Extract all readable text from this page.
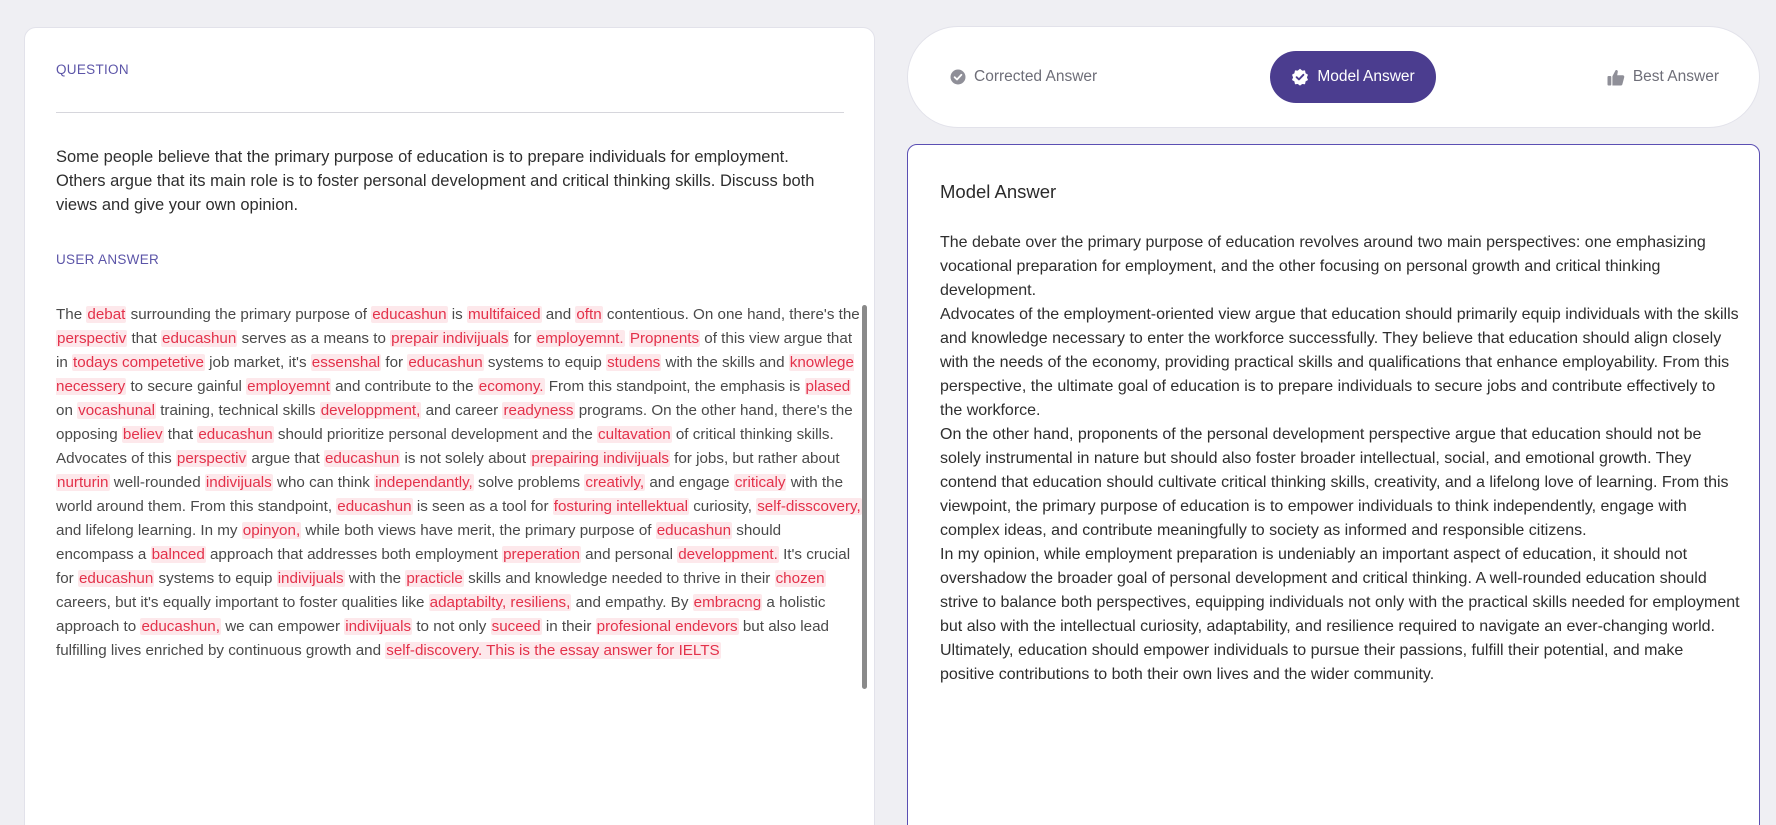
QUESTION
Some people believe that the primary purpose of education is to prepare individuals for employment. Others argue that its main role is to foster personal development and critical thinking skills. Discuss both views and give your own opinion.
USER ANSWER
The debat surrounding the primary purpose of educashun is multifaiced and oftn contentious. On one hand, there's the perspectiv that educashun serves as a means to prepair indivijuals for employemnt. Propnents of this view argue that in todays competetive job market, it's essenshal for educashun systems to equip studens with the skills and knowlege necessery to secure gainful employemnt and contribute to the ecomony. From this standpoint, the emphasis is plased on vocashunal training, technical skills developpment, and career readyness programs. On the other hand, there's the opposing believ that educashun should prioritize personal development and the cultavation of critical thinking skills. Advocates of this perspectiv argue that educashun is not solely about prepairing indivijuals for jobs, but rather about nurturin well-rounded indivijuals who can think independantly, solve problems creativly, and engage criticaly with the world around them. From this standpoint, educashun is seen as a tool for fosturing intellektual curiosity, self-disscovery, and lifelong learning. In my opinyon, while both views have merit, the primary purpose of educashun should encompass a balnced approach that addresses both employment preperation and personal developpment. It's crucial for educashun systems to equip indivijuals with the practicle skills and knowledge needed to thrive in their chozen careers, but it's equally important to foster qualities like adaptabilty, resiliens, and empathy. By embracng a holistic approach to educashun, we can empower indivijuals to not only suceed in their profesional endevors but also lead fulfilling lives enriched by continuous growth and self-discovery. This is the essay answer for IELTS
Corrected Answer	Model Answer	Best Answer
Model Answer

The debate over the primary purpose of education revolves around two main perspectives: one emphasizing vocational preparation for employment, and the other focusing on personal growth and critical thinking development.

Advocates of the employment-oriented view argue that education should primarily equip individuals with the skills and knowledge necessary to enter the workforce successfully. They believe that education should align closely with the needs of the economy, providing practical skills and qualifications that enhance employability. From this perspective, the ultimate goal of education is to prepare individuals to secure jobs and contribute effectively to the workforce.

On the other hand, proponents of the personal development perspective argue that education should not be solely instrumental in nature but should also foster broader intellectual, social, and emotional growth. They contend that education should cultivate critical thinking skills, creativity, and a lifelong love of learning. From this viewpoint, the primary purpose of education is to empower individuals to think independently, engage with complex ideas, and contribute meaningfully to society as informed and responsible citizens.

In my opinion, while employment preparation is undeniably an important aspect of education, it should not overshadow the broader goal of personal development and critical thinking. A well-rounded education should strive to balance both perspectives, equipping individuals not only with the practical skills needed for employment but also with the intellectual curiosity, adaptability, and resilience required to navigate an ever-changing world. Ultimately, education should empower individuals to pursue their passions, fulfill their potential, and make positive contributions to both their own lives and the wider community.
